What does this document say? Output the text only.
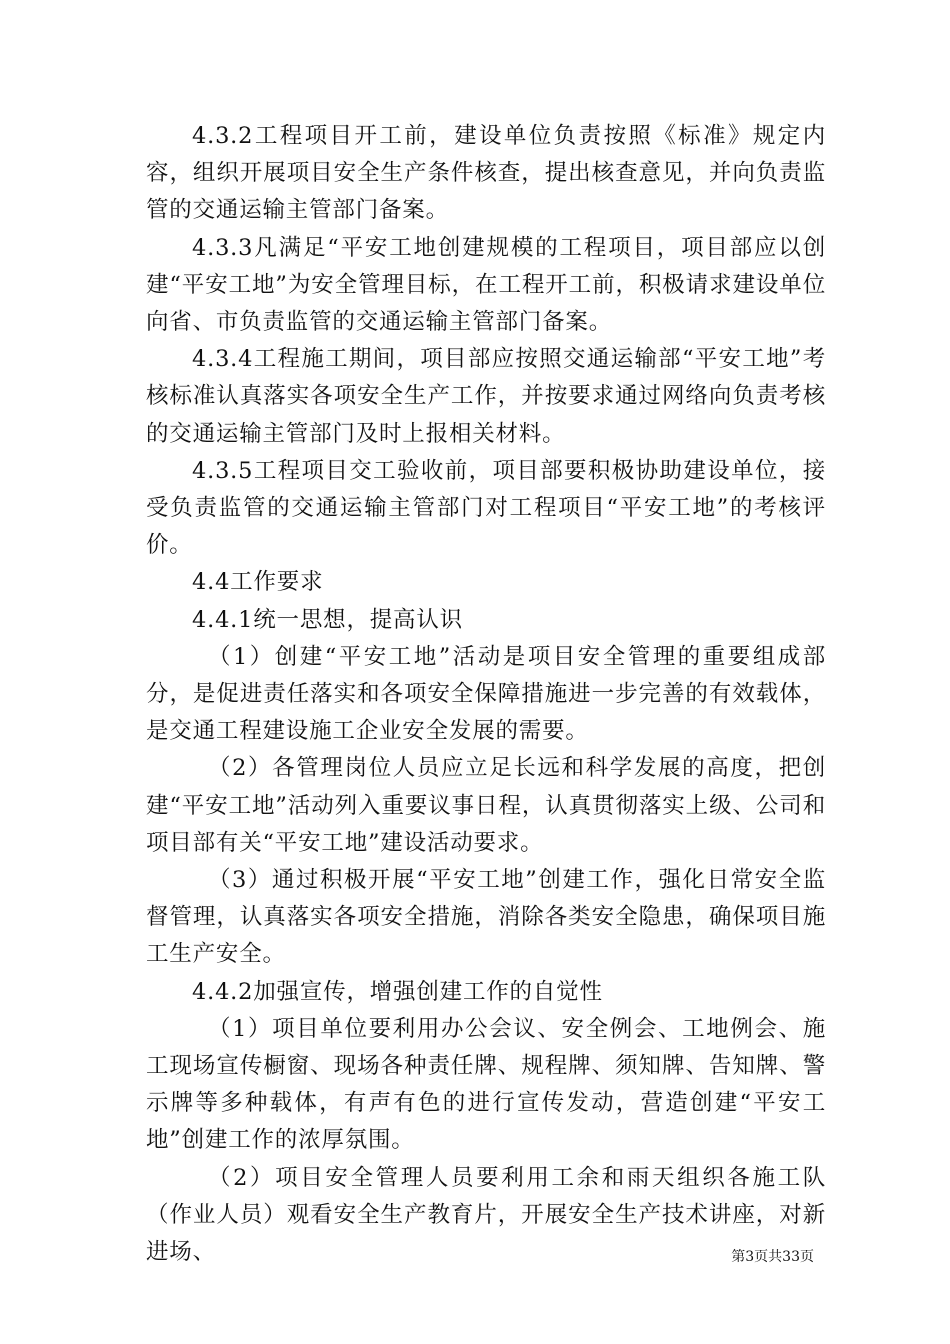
4.3.2工程项目开工前，建设单位负责按照《标准》规定内容，组织开展项目安全生产条件核查，提出核查意见，并向负责监管的交通运输主管部门备案。

4.3.3凡满足“平安工地创建规模的工程项目，项目部应以创建“平安工地”为安全管理目标，在工程开工前，积极请求建设单位向省、市负责监管的交通运输主管部门备案。

4.3.4工程施工期间，项目部应按照交通运输部“平安工地”考核标准认真落实各项安全生产工作，并按要求通过网络向负责考核的交通运输主管部门及时上报相关材料。

4.3.5工程项目交工验收前，项目部要积极协助建设单位，接受负责监管的交通运输主管部门对工程项目“平安工地”的考核评价。

4.4工作要求

4.4.1统一思想，提高认识

（1）创建“平安工地”活动是项目安全管理的重要组成部分，是促进责任落实和各项安全保障措施进一步完善的有效载体，是交通工程建设施工企业安全发展的需要。

（2）各管理岗位人员应立足长远和科学发展的高度，把创建“平安工地”活动列入重要议事日程，认真贯彻落实上级、公司和项目部有关“平安工地”建设活动要求。

（3）通过积极开展“平安工地”创建工作，强化日常安全监督管理，认真落实各项安全措施，消除各类安全隐患，确保项目施工生产安全。

4.4.2加强宣传，增强创建工作的自觉性

（1）项目单位要利用办公会议、安全例会、工地例会、施工现场宣传橱窗、现场各种责任牌、规程牌、须知牌、告知牌、警示牌等多种载体，有声有色的进行宣传发动，营造创建“平安工地”创建工作的浓厚氛围。

（2）项目安全管理人员要利用工余和雨天组织各施工队（作业人员）观看安全生产教育片，开展安全生产技术讲座，对新进场、	第3页共33页
